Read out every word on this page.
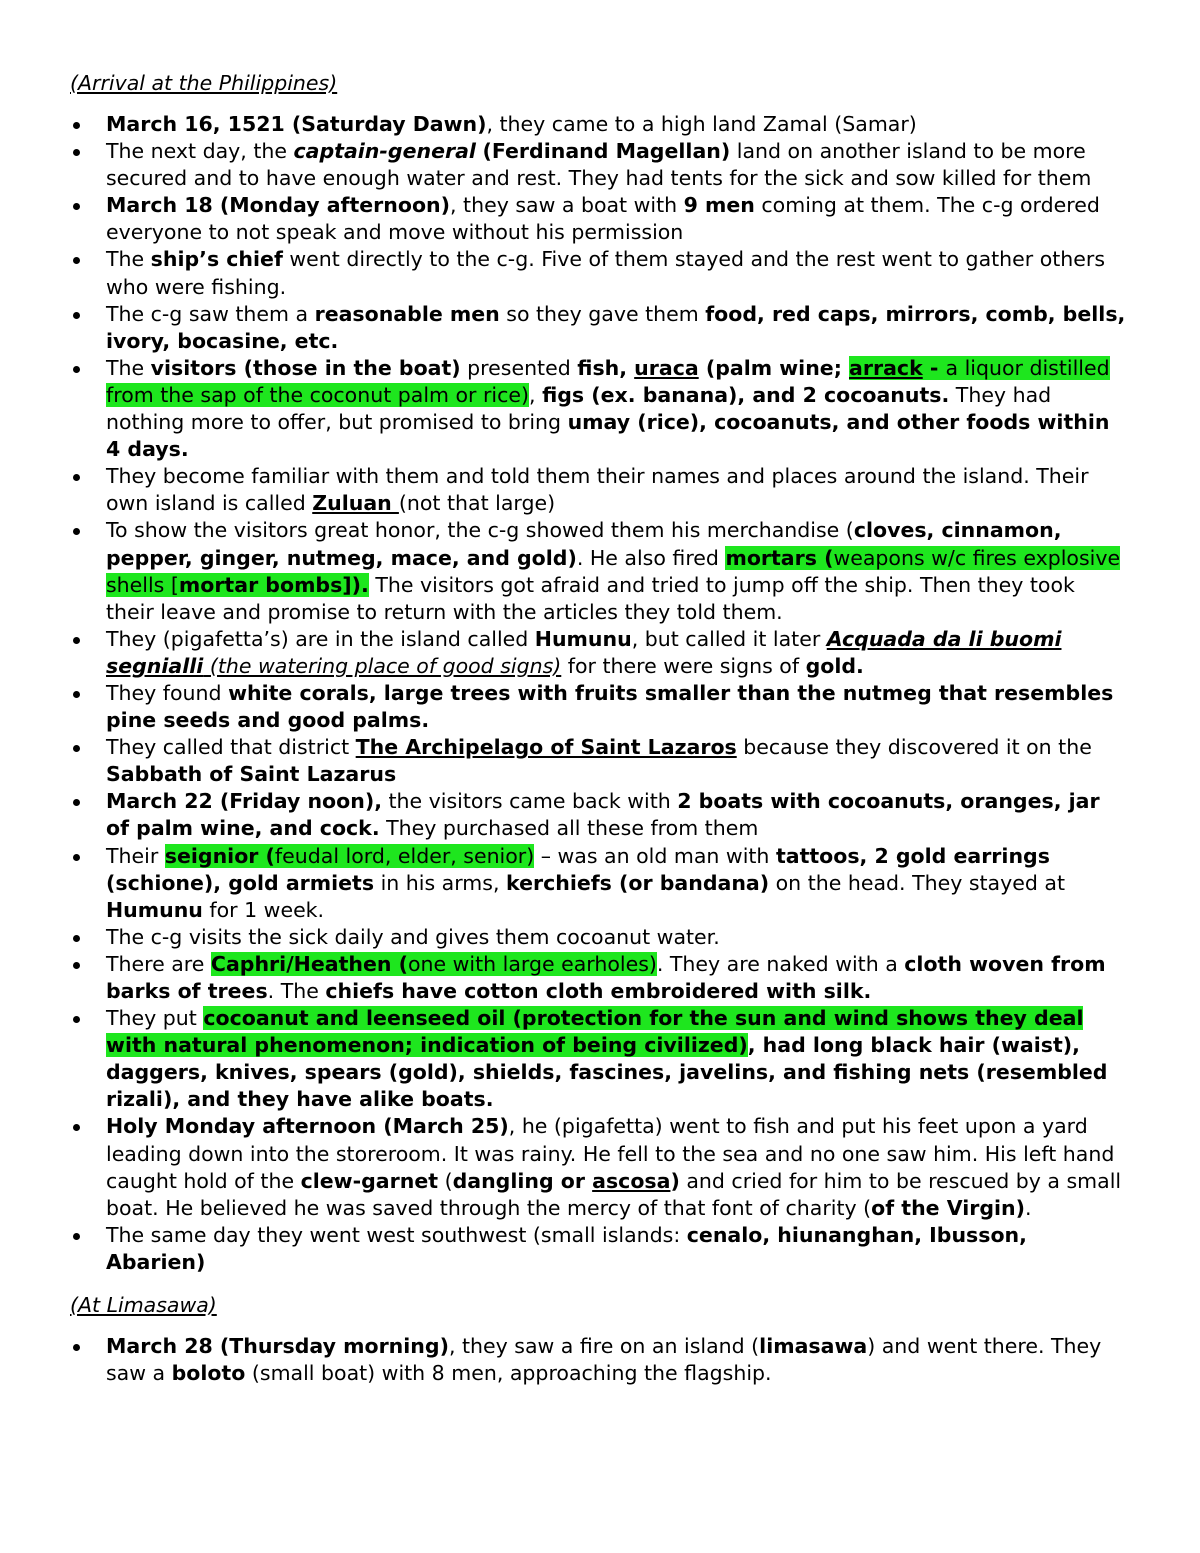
(Arrival at the Philippines)
March 16, 1521 (Saturday Dawn), they came to a high land Zamal (Samar)
The next day, the captain-general (Ferdinand Magellan) land on another island to be more secured and to have enough water and rest. They had tents for the sick and sow killed for them
March 18 (Monday afternoon), they saw a boat with 9 men coming at them. The c-g ordered everyone to not speak and move without his permission
The ship’s chief went directly to the c-g. Five of them stayed and the rest went to gather others who were fishing.
The c-g saw them a reasonable men so they gave them food, red caps, mirrors, comb, bells, ivory, bocasine, etc.
The visitors (those in the boat) presented fish, uraca (palm wine; arrack - a liquor distilled from the sap of the coconut palm or rice), figs (ex. banana), and 2 cocoanuts. They had nothing more to offer, but promised to bring umay (rice), cocoanuts, and other foods within 4 days.
They become familiar with them and told them their names and places around the island. Their own island is called Zuluan (not that large)
To show the visitors great honor, the c-g showed them his merchandise (cloves, cinnamon, pepper, ginger, nutmeg, mace, and gold). He also fired mortars (weapons w/c fires explosive shells [mortar bombs]). The visitors got afraid and tried to jump off the ship. Then they took their leave and promise to return with the articles they told them.
They (pigafetta’s) are in the island called Humunu, but called it later Acquada da li buomi segnialli (the watering place of good signs) for there were signs of gold.
They found white corals, large trees with fruits smaller than the nutmeg that resembles pine seeds and good palms.
They called that district The Archipelago of Saint Lazaros because they discovered it on the Sabbath of Saint Lazarus
March 22 (Friday noon), the visitors came back with 2 boats with cocoanuts, oranges, jar of palm wine, and cock. They purchased all these from them
Their seignior (feudal lord, elder, senior) – was an old man with tattoos, 2 gold earrings (schione), gold armiets in his arms, kerchiefs (or bandana) on the head. They stayed at Humunu for 1 week.
The c-g visits the sick daily and gives them cocoanut water.
There are Caphri/Heathen (one with large earholes). They are naked with a cloth woven from barks of trees. The chiefs have cotton cloth embroidered with silk.
They put cocoanut and leenseed oil (protection for the sun and wind shows they deal with natural phenomenon; indication of being civilized), had long black hair (waist), daggers, knives, spears (gold), shields, fascines, javelins, and fishing nets (resembled rizali), and they have alike boats.
Holy Monday afternoon (March 25), he (pigafetta) went to fish and put his feet upon a yard leading down into the storeroom. It was rainy. He fell to the sea and no one saw him. His left hand caught hold of the clew-garnet (dangling or ascosa) and cried for him to be rescued by a small boat. He believed he was saved through the mercy of that font of charity (of the Virgin).
The same day they went west southwest (small islands: cenalo, hiunanghan, Ibusson, Abarien)
(At Limasawa)
March 28 (Thursday morning), they saw a fire on an island (limasawa) and went there. They saw a boloto (small boat) with 8 men, approaching the flagship.
